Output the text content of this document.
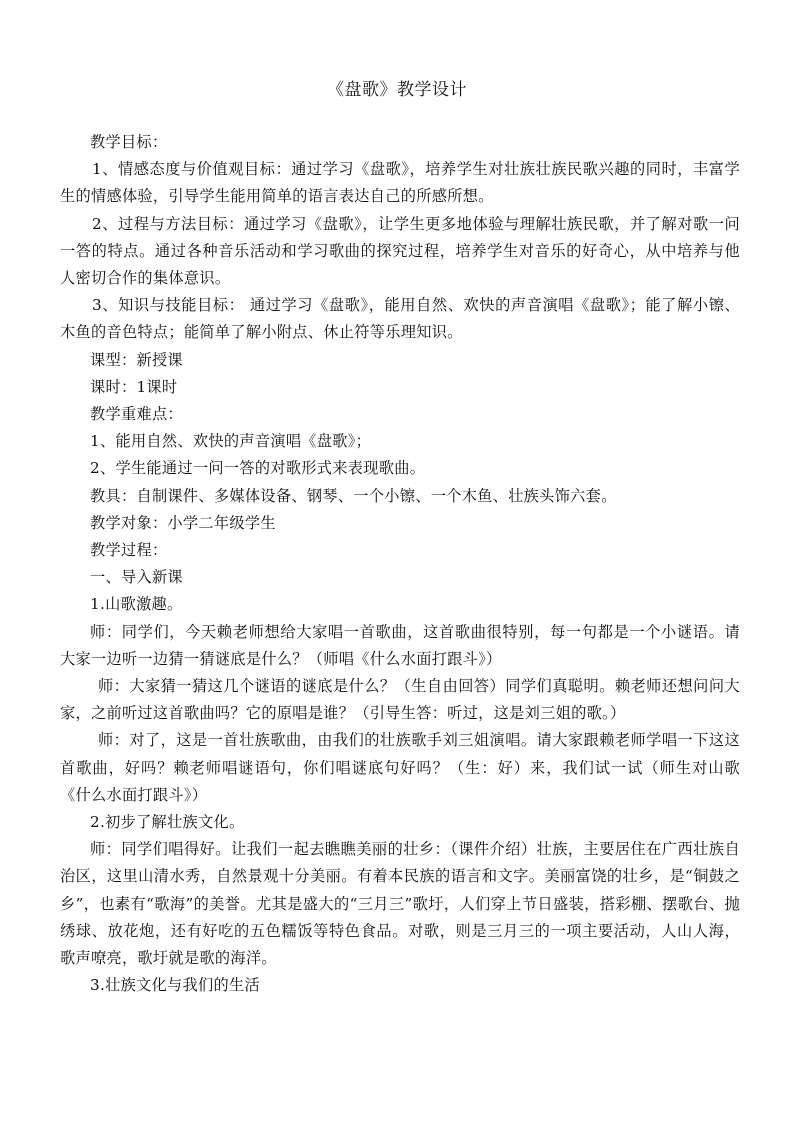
《盘歌》教学设计

教学目标：

1、情感态度与价值观目标：通过学习《盘歌》，培养学生对壮族壮族民歌兴趣的同时，丰富学生的情感体验，引导学生能用简单的语言表达自己的所感所想。

2、过程与方法目标：通过学习《盘歌》，让学生更多地体验与理解壮族民歌，并了解对歌一问一答的特点。通过各种音乐活动和学习歌曲的探究过程，培养学生对音乐的好奇心，从中培养与他人密切合作的集体意识。

3、知识与技能目标： 通过学习《盘歌》，能用自然、欢快的声音演唱《盘歌》；能了解小镲、木鱼的音色特点；能简单了解小附点、休止符等乐理知识。

课型：新授课

课时：1课时

教学重难点：

1、能用自然、欢快的声音演唱《盘歌》；

2、学生能通过一问一答的对歌形式来表现歌曲。

教具：自制课件、多媒体设备、钢琴、一个小镲、一个木鱼、壮族头饰六套。

教学对象：小学二年级学生

教学过程：

一、导入新课

1.山歌激趣。

师：同学们，今天赖老师想给大家唱一首歌曲，这首歌曲很特别，每一句都是一个小谜语。请大家一边听一边猜一猜谜底是什么？（师唱《什么水面打跟斗》）

师：大家猜一猜这几个谜语的谜底是什么？（生自由回答）同学们真聪明。赖老师还想问问大家，之前听过这首歌曲吗？它的原唱是谁？（引导生答：听过，这是刘三姐的歌。）

师：对了，这是一首壮族歌曲，由我们的壮族歌手刘三姐演唱。请大家跟赖老师学唱一下这这首歌曲，好吗？赖老师唱谜语句，你们唱谜底句好吗？（生：好）来，我们试一试（师生对山歌《什么水面打跟斗》）

2.初步了解壮族文化。

师：同学们唱得好。让我们一起去瞧瞧美丽的壮乡：（课件介绍）壮族，主要居住在广西壮族自治区，这里山清水秀，自然景观十分美丽。有着本民族的语言和文字。美丽富饶的壮乡，是“铜鼓之乡”，也素有“歌海”的美誉。尤其是盛大的“三月三”歌圩，人们穿上节日盛装，搭彩棚、摆歌台、抛绣球、放花炮，还有好吃的五色糯饭等特色食品。对歌，则是三月三的一项主要活动，人山人海，歌声嘹亮，歌圩就是歌的海洋。

3.壮族文化与我们的生活
